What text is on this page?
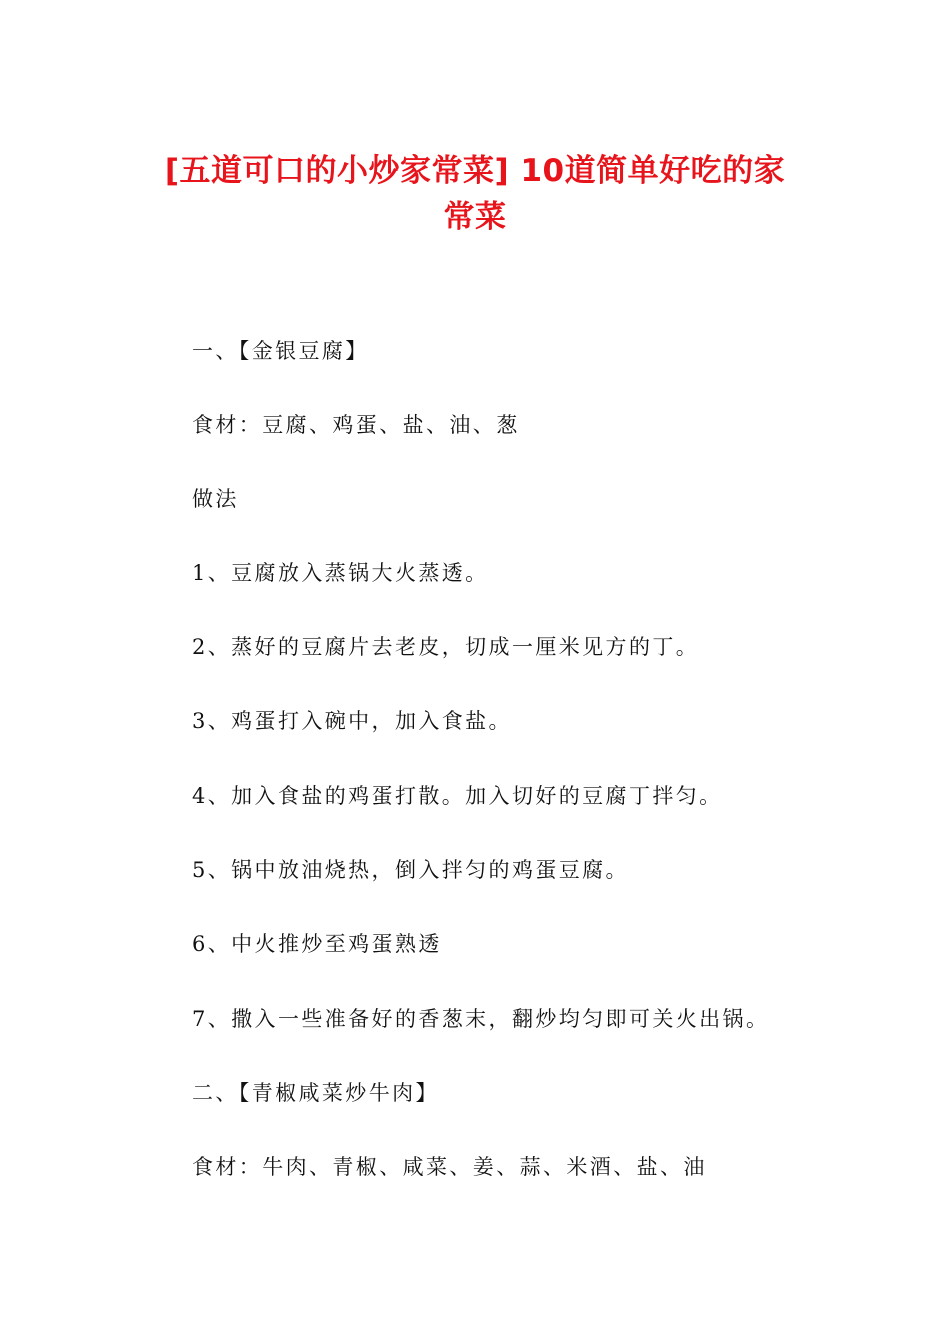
[五道可口的小炒家常菜] 10道简单好吃的家
常菜

一、【金银豆腐】

食材：豆腐、鸡蛋、盐、油、葱

做法

1、豆腐放入蒸锅大火蒸透。

2、蒸好的豆腐片去老皮，切成一厘米见方的丁。

3、鸡蛋打入碗中，加入食盐。

4、加入食盐的鸡蛋打散。加入切好的豆腐丁拌匀。

5、锅中放油烧热，倒入拌匀的鸡蛋豆腐。

6、中火推炒至鸡蛋熟透

7、撒入一些准备好的香葱末，翻炒均匀即可关火出锅。

二、【青椒咸菜炒牛肉】

食材：牛肉、青椒、咸菜、姜、蒜、米酒、盐、油
